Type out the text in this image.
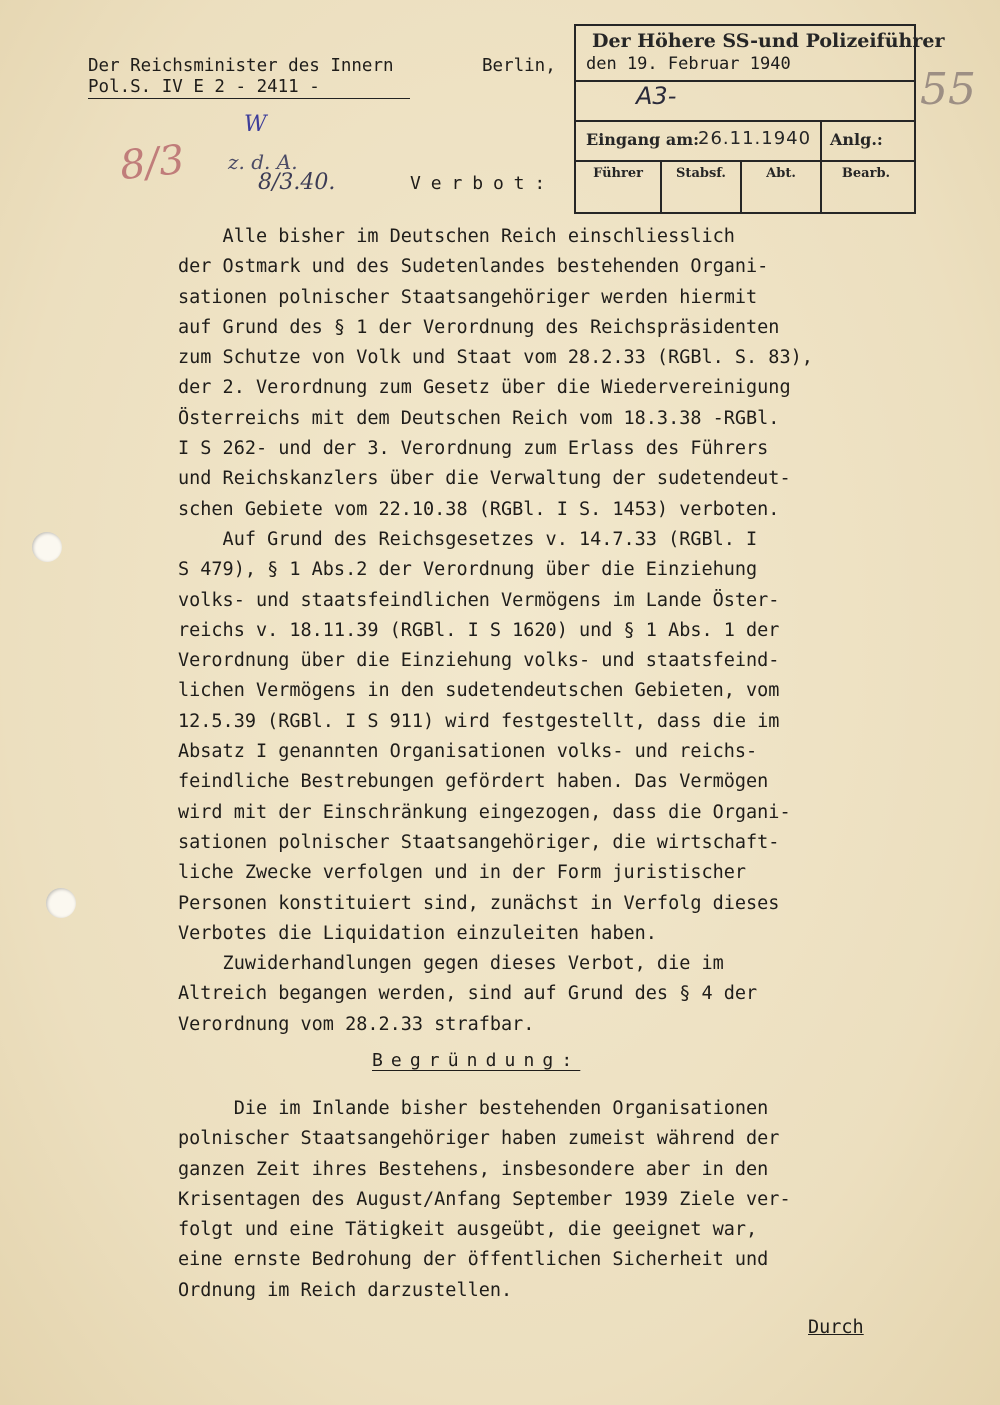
Der Reichsminister des Innern
Pol.S. IV E 2 - 2411 -
Berlin,
Der Höhere SS-und Polizeiführer
den 19. Februar 1940
A3-
Eingang am:
26.11.1940 Anlg.:
Führer	Stabsf.	Abt.	Bearb.
55
8/3
W
z. d. A.
8/3.40.	Verbot:
Alle bisher im Deutschen Reich einschliesslich
der Ostmark und des Sudetenlandes bestehenden Organi-
sationen polnischer Staatsangehöriger werden hiermit
auf Grund des § 1 der Verordnung des Reichspräsidenten
zum Schutze von Volk und Staat vom 28.2.33 (RGBl. S. 83),
der 2. Verordnung zum Gesetz über die Wiedervereinigung
Österreichs mit dem Deutschen Reich vom 18.3.38 -RGBl.
I S 262- und der 3. Verordnung zum Erlass des Führers
und Reichskanzlers über die Verwaltung der sudetendeut-
schen Gebiete vom 22.10.38 (RGBl. I S. 1453) verboten.
Auf Grund des Reichsgesetzes v. 14.7.33 (RGBl. I
S 479), § 1 Abs.2 der Verordnung über die Einziehung
volks- und staatsfeindlichen Vermögens im Lande Öster-
reichs v. 18.11.39 (RGBl. I S 1620) und § 1 Abs. 1 der
Verordnung über die Einziehung volks- und staatsfeind-
lichen Vermögens in den sudetendeutschen Gebieten, vom
12.5.39 (RGBl. I S 911) wird festgestellt, dass die im
Absatz I genannten Organisationen volks- und reichs-
feindliche Bestrebungen gefördert haben. Das Vermögen
wird mit der Einschränkung eingezogen, dass die Organi-
sationen polnischer Staatsangehöriger, die wirtschaft-
liche Zwecke verfolgen und in der Form juristischer
Personen konstituiert sind, zunächst in Verfolg dieses
Verbotes die Liquidation einzuleiten haben.
Zuwiderhandlungen gegen dieses Verbot, die im
Altreich begangen werden, sind auf Grund des § 4 der
Verordnung vom 28.2.33 strafbar.
Begründung:
Die im Inlande bisher bestehenden Organisationen
polnischer Staatsangehöriger haben zumeist während der
ganzen Zeit ihres Bestehens, insbesondere aber in den
Krisentagen des August/Anfang September 1939 Ziele ver-
folgt und eine Tätigkeit ausgeübt, die geeignet war,
eine ernste Bedrohung der öffentlichen Sicherheit und
Ordnung im Reich darzustellen.
Durch
